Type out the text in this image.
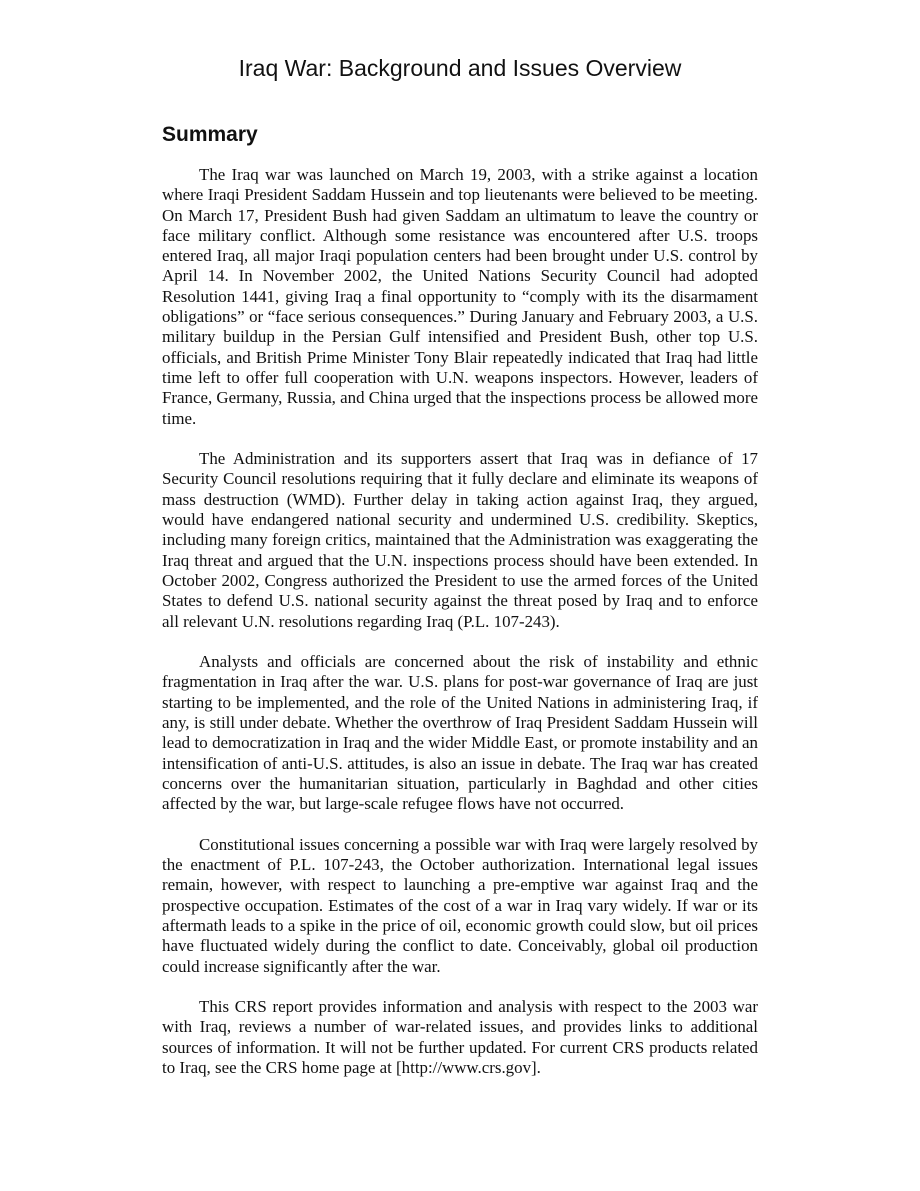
Iraq War: Background and Issues Overview
Summary

The Iraq war was launched on March 19, 2003, with a strike against a location where Iraqi President Saddam Hussein and top lieutenants were believed to be meeting. On March 17, President Bush had given Saddam an ultimatum to leave the country or face military conflict. Although some resistance was encountered after U.S. troops entered Iraq, all major Iraqi population centers had been brought under U.S. control by April 14. In November 2002, the United Nations Security Council had adopted Resolution 1441, giving Iraq a final opportunity to “comply with its the disarmament obligations” or “face serious consequences.” During January and February 2003, a U.S. military buildup in the Persian Gulf intensified and President Bush, other top U.S. officials, and British Prime Minister Tony Blair repeatedly indicated that Iraq had little time left to offer full cooperation with U.N. weapons inspectors. However, leaders of France, Germany, Russia, and China urged that the inspections process be allowed more time.

The Administration and its supporters assert that Iraq was in defiance of 17 Security Council resolutions requiring that it fully declare and eliminate its weapons of mass destruction (WMD). Further delay in taking action against Iraq, they argued, would have endangered national security and undermined U.S. credibility. Skeptics, including many foreign critics, maintained that the Administration was exaggerating the Iraq threat and argued that the U.N. inspections process should have been extended. In October 2002, Congress authorized the President to use the armed forces of the United States to defend U.S. national security against the threat posed by Iraq and to enforce all relevant U.N. resolutions regarding Iraq (P.L. 107-243).

Analysts and officials are concerned about the risk of instability and ethnic fragmentation in Iraq after the war. U.S. plans for post-war governance of Iraq are just starting to be implemented, and the role of the United Nations in administering Iraq, if any, is still under debate. Whether the overthrow of Iraq President Saddam Hussein will lead to democratization in Iraq and the wider Middle East, or promote instability and an intensification of anti-U.S. attitudes, is also an issue in debate. The Iraq war has created concerns over the humanitarian situation, particularly in Baghdad and other cities affected by the war, but large-scale refugee flows have not occurred.

Constitutional issues concerning a possible war with Iraq were largely resolved by the enactment of P.L. 107-243, the October authorization. International legal issues remain, however, with respect to launching a pre-emptive war against Iraq and the prospective occupation. Estimates of the cost of a war in Iraq vary widely. If war or its aftermath leads to a spike in the price of oil, economic growth could slow, but oil prices have fluctuated widely during the conflict to date. Conceivably, global oil production could increase significantly after the war.

This CRS report provides information and analysis with respect to the 2003 war with Iraq, reviews a number of war-related issues, and provides links to additional sources of information. It will not be further updated. For current CRS products related to Iraq, see the CRS home page at [http://www.crs.gov].
